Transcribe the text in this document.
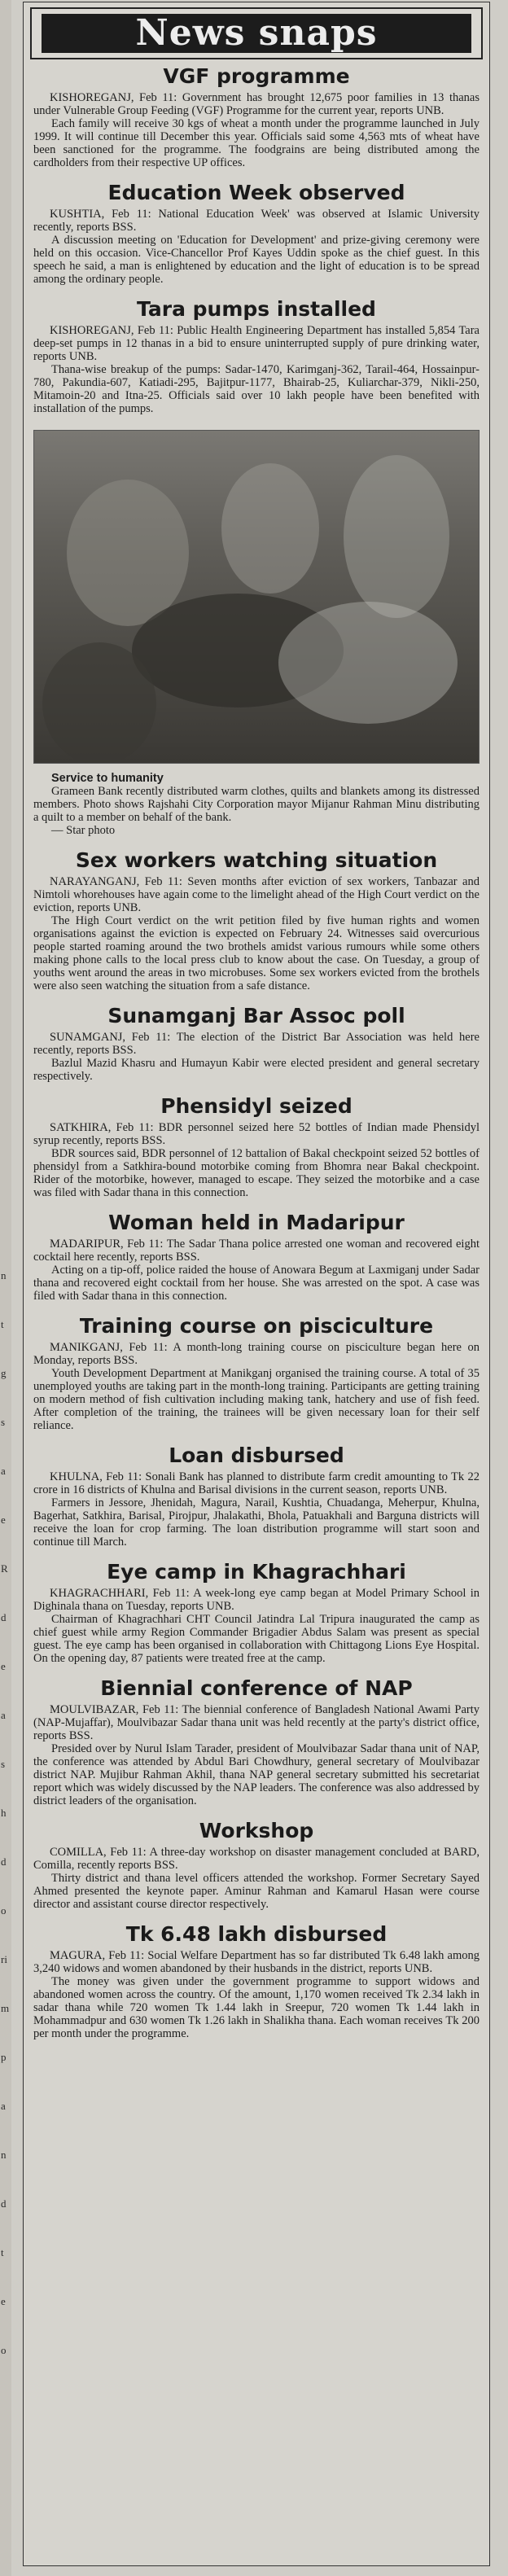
n
t
g
s
a
e
R
d
e
a
s
h
d
o
ri
m
p
a
n
d
t
e
o
News snaps
VGF programme

KISHOREGANJ, Feb 11: Government has brought 12,675 poor families in 13 thanas under Vulnerable Group Feeding (VGF) Programme for the current year, reports UNB.

Each family will receive 30 kgs of wheat a month under the programme launched in July 1999. It will continue till December this year. Officials said some 4,563 mts of wheat have been sanctioned for the programme. The foodgrains are being distributed among the cardholders from their respective UP offices.

Education Week observed

KUSHTIA, Feb 11: National Education Week' was observed at Islamic University recently, reports BSS.

A discussion meeting on 'Education for Development' and prize-giving ceremony were held on this occasion. Vice-Chancellor Prof Kayes Uddin spoke as the chief guest. In this speech he said, a man is enlightened by education and the light of education is to be spread among the ordinary people.

Tara pumps installed

KISHOREGANJ, Feb 11: Public Health Engineering Department has installed 5,854 Tara deep-set pumps in 12 thanas in a bid to ensure uninterrupted supply of pure drinking water, reports UNB.

Thana-wise breakup of the pumps: Sadar-1470, Karimganj-362, Tarail-464, Hossainpur-780, Pakundia-607, Katiadi-295, Bajitpur-1177, Bhairab-25, Kuliarchar-379, Nikli-250, Mitamoin-20 and Itna-25. Officials said over 10 lakh people have been benefited with installation of the pumps.

Service to humanity

Grameen Bank recently distributed warm clothes, quilts and blankets among its distressed members. Photo shows Rajshahi City Corporation mayor Mijanur Rahman Minu distributing a quilt to a member on behalf of the bank.

— Star photo

Sex workers watching situation

NARAYANGANJ, Feb 11: Seven months after eviction of sex workers, Tanbazar and Nimtoli whorehouses have again come to the limelight ahead of the High Court verdict on the eviction, reports UNB.

The High Court verdict on the writ petition filed by five human rights and women organisations against the eviction is expected on February 24. Witnesses said overcurious people started roaming around the two brothels amidst various rumours while some others making phone calls to the local press club to know about the case. On Tuesday, a group of youths went around the areas in two microbuses. Some sex workers evicted from the brothels were also seen watching the situation from a safe distance.

Sunamganj Bar Assoc poll

SUNAMGANJ, Feb 11: The election of the District Bar Association was held here recently, reports BSS.

Bazlul Mazid Khasru and Humayun Kabir were elected president and general secretary respectively.

Phensidyl seized

SATKHIRA, Feb 11: BDR personnel seized here 52 bottles of Indian made Phensidyl syrup recently, reports BSS.

BDR sources said, BDR personnel of 12 battalion of Bakal checkpoint seized 52 bottles of phensidyl from a Satkhira-bound motorbike coming from Bhomra near Bakal checkpoint. Rider of the motorbike, however, managed to escape. They seized the motorbike and a case was filed with Sadar thana in this connection.

Woman held in Madaripur

MADARIPUR, Feb 11: The Sadar Thana police arrested one woman and recovered eight cocktail here recently, reports BSS.

Acting on a tip-off, police raided the house of Anowara Begum at Laxmiganj under Sadar thana and recovered eight cocktail from her house. She was arrested on the spot. A case was filed with Sadar thana in this connection.

Training course on pisciculture

MANIKGANJ, Feb 11: A month-long training course on pisciculture began here on Monday, reports BSS.

Youth Development Department at Manikganj organised the training course. A total of 35 unemployed youths are taking part in the month-long training. Participants are getting training on modern method of fish cultivation including making tank, hatchery and use of fish feed. After completion of the training, the trainees will be given necessary loan for their self reliance.

Loan disbursed

KHULNA, Feb 11: Sonali Bank has planned to distribute farm credit amounting to Tk 22 crore in 16 districts of Khulna and Barisal divisions in the current season, reports UNB.

Farmers in Jessore, Jhenidah, Magura, Narail, Kushtia, Chuadanga, Meherpur, Khulna, Bagerhat, Satkhira, Barisal, Pirojpur, Jhalakathi, Bhola, Patuakhali and Barguna districts will receive the loan for crop farming. The loan distribution programme will start soon and continue till March.

Eye camp in Khagrachhari

KHAGRACHHARI, Feb 11: A week-long eye camp began at Model Primary School in Dighinala thana on Tuesday, reports UNB.

Chairman of Khagrachhari CHT Council Jatindra Lal Tripura inaugurated the camp as chief guest while army Region Commander Brigadier Abdus Salam was present as special guest. The eye camp has been organised in collaboration with Chittagong Lions Eye Hospital. On the opening day, 87 patients were treated free at the camp.

Biennial conference of NAP

MOULVIBAZAR, Feb 11: The biennial conference of Bangladesh National Awami Party (NAP-Mujaffar), Moulvibazar Sadar thana unit was held recently at the party's district office, reports BSS.

Presided over by Nurul Islam Tarader, president of Moulvibazar Sadar thana unit of NAP, the conference was attended by Abdul Bari Chowdhury, general secretary of Moulvibazar district NAP. Mujibur Rahman Akhil, thana NAP general secretary submitted his secretariat report which was widely discussed by the NAP leaders. The conference was also addressed by district leaders of the organisation.

Workshop

COMILLA, Feb 11: A three-day workshop on disaster management concluded at BARD, Comilla, recently reports BSS.

Thirty district and thana level officers attended the workshop. Former Secretary Sayed Ahmed presented the keynote paper. Aminur Rahman and Kamarul Hasan were course director and assistant course director respectively.

Tk 6.48 lakh disbursed

MAGURA, Feb 11: Social Welfare Department has so far distributed Tk 6.48 lakh among 3,240 widows and women abandoned by their husbands in the district, reports UNB.

The money was given under the government programme to support widows and abandoned women across the country. Of the amount, 1,170 women received Tk 2.34 lakh in sadar thana while 720 women Tk 1.44 lakh in Sreepur, 720 women Tk 1.44 lakh in Mohammadpur and 630 women Tk 1.26 lakh in Shalikha thana. Each woman receives Tk 200 per month under the programme.
